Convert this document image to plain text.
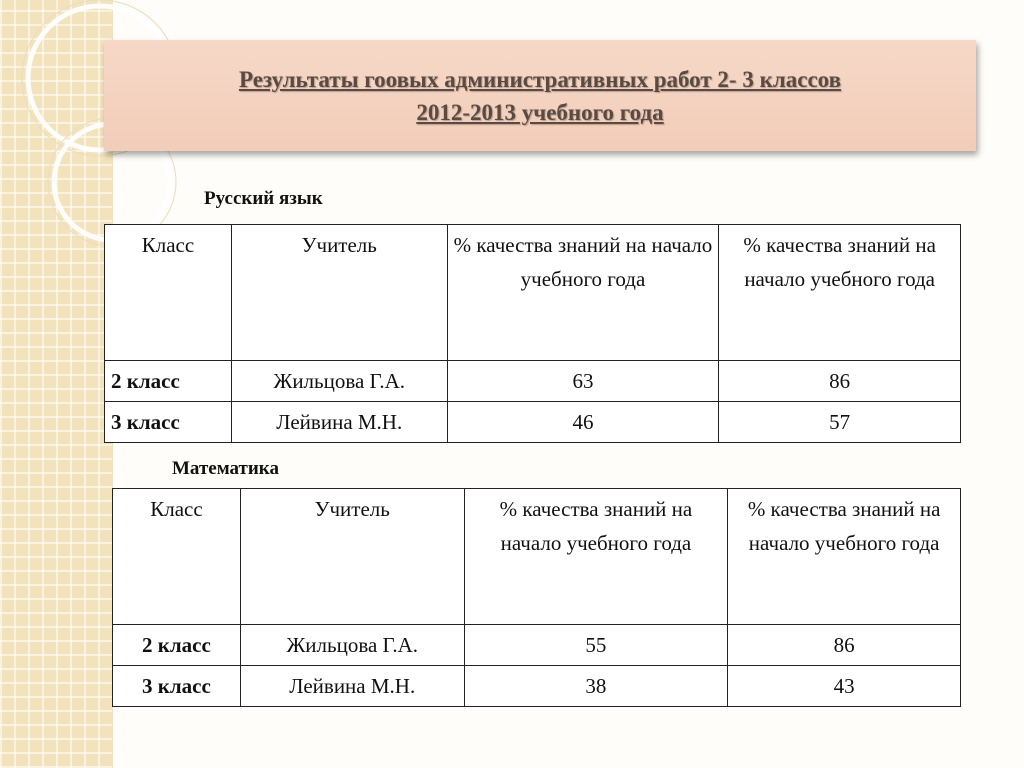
Результаты гоовых административных работ 2- 3 классов
2012-2013 учебного года
Русский язык
Класс	Учитель	% качества знаний на начало учебного года	% качества знаний на начало учебного года
2 класс	Жильцова Г.А.	63	86
3 класс	Лейвина М.Н.	46	57
Математика
Класс	Учитель	% качества знаний на начало учебного года	% качества знаний на начало учебного года
2 класс	Жильцова Г.А.	55	86
3 класс	Лейвина М.Н.	38	43
